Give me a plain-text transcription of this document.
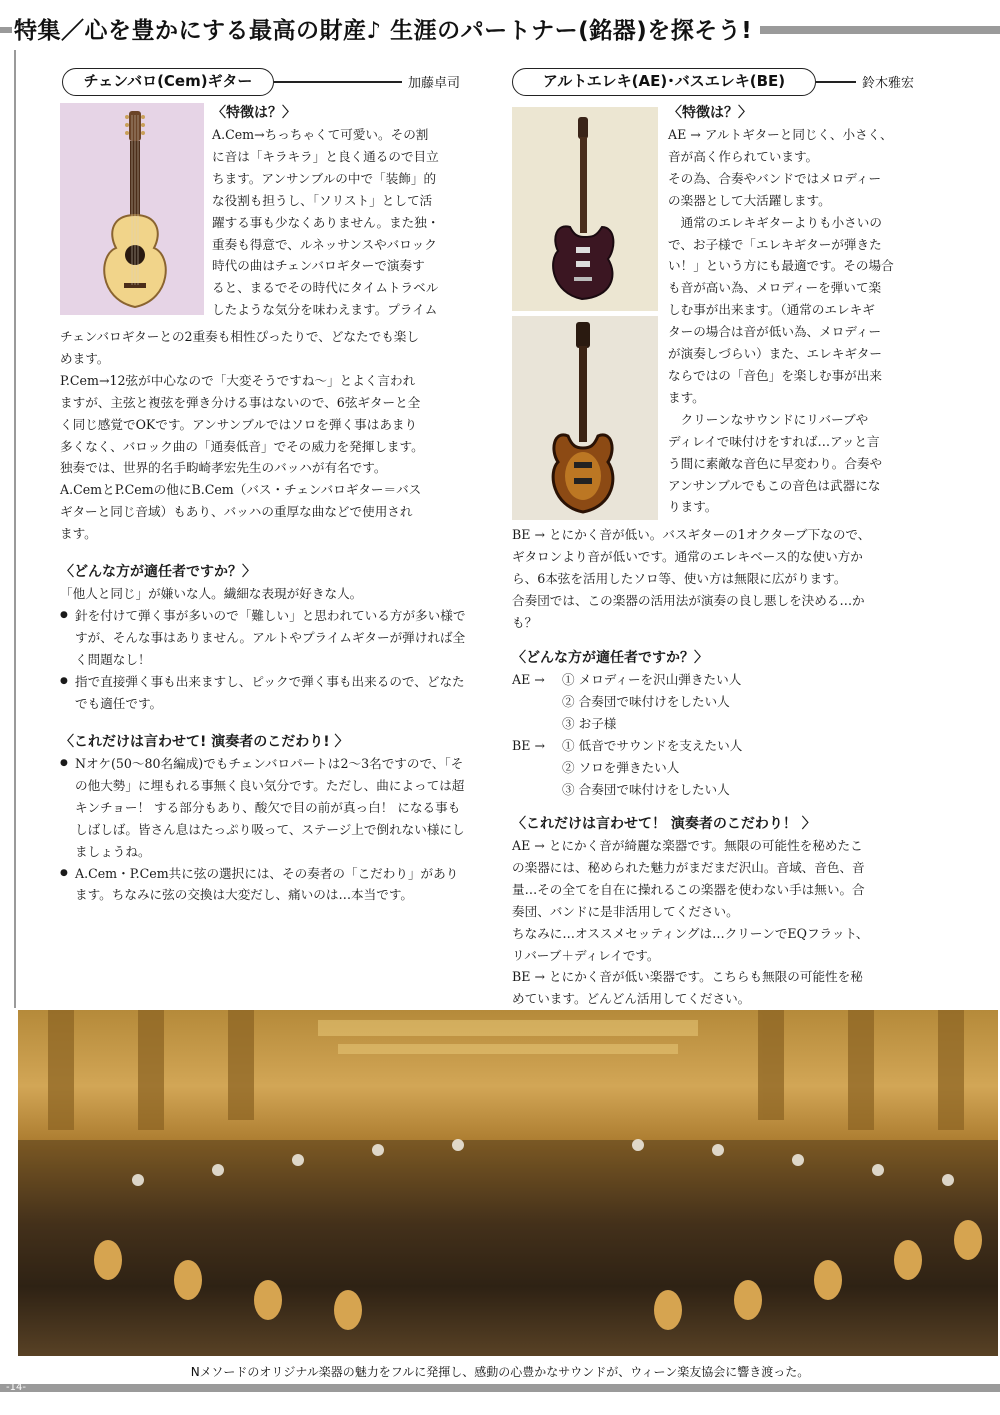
特集／心を豊かにする最高の財産♪ 生涯のパートナー(銘器)を探そう!
チェンバロ(Cem)ギター	加藤卓司

〈特徴は？〉

A.Cem→ちっちゃくて可愛い。その割

に音は「キラキラ」と良く通るので目立

ちます。アンサンブルの中で「装飾」的

な役割も担うし、「ソリスト」として活

躍する事も少なくありません。また独・

重奏も得意で、ルネッサンスやバロック

時代の曲はチェンバロギターで演奏す

ると、まるでその時代にタイムトラベル

したような気分を味わえます。プライム

チェンバロギターとの2重奏も相性ぴったりで、どなたでも楽し

めます。

P.Cem→12弦が中心なので「大変そうですね～」とよく言われ

ますが、主弦と複弦を弾き分ける事はないので、6弦ギターと全

く同じ感覚でOKです。アンサンブルではソロを弾く事はあまり

多くなく、バロック曲の「通奏低音」でその威力を発揮します。

独奏では、世界的名手畇崎孝宏先生のバッハが有名です。

A.CemとP.Cemの他にB.Cem（バス・チェンバロギター＝バス

ギターと同じ音域）もあり、バッハの重厚な曲などで使用され

ます。

〈どんな方が適任者ですか？〉

「他人と同じ」が嫌いな人。繊細な表現が好きな人。

● 針を付けて弾く事が多いので「難しい」と思われている方が多い様ですが、そんな事はありません。アルトやプライムギターが弾ければ全く問題なし！

● 指で直接弾く事も出来ますし、ピックで弾く事も出来るので、どなたでも適任です。

〈これだけは言わせて! 演奏者のこだわり! 〉

● Nオケ(50〜80名編成)でもチェンバロパートは2〜3名ですので、「その他大勢」に埋もれる事無く良い気分です。ただし、曲によっては超キンチョー！ する部分もあり、酸欠で目の前が真っ白！ になる事もしばしば。皆さん息はたっぷり吸って、ステージ上で倒れない様にしましょうね。

● A.Cem・P.Cem共に弦の選択には、その奏者の「こだわり」があります。ちなみに弦の交換は大変だし、痛いのは…本当です。

アルトエレキ(AE)･バスエレキ(BE)	鈴木雅宏

〈特徴は？〉

AE → アルトギターと同じく、小さく、

音が高く作られています。

その為、合奏やバンドではメロディー

の楽器として大活躍します。

　通常のエレキギターよりも小さいの

で、お子様で「エレキギターが弾きた

い！」という方にも最適です。その場合

も音が高い為、メロディーを弾いて楽

しむ事が出来ます。（通常のエレキギ

ターの場合は音が低い為、メロディー

が演奏しづらい）また、エレキギター

ならではの「音色」を楽しむ事が出来

ます。

　クリーンなサウンドにリバーブや

ディレイで味付けをすれば…アッと言

う間に素敵な音色に早変わり。合奏や

アンサンブルでもこの音色は武器にな

ります。

BE → とにかく音が低い。バスギターの1オクターブ下なので、

ギタロンより音が低いです。通常のエレキベース的な使い方か

ら、6本弦を活用したソロ等、使い方は無限に広がります。

合奏団では、この楽器の活用法が演奏の良し悪しを決める…か

も？

〈どんな方が適任者ですか？〉

AE →	① メロディーを沢山弾きたい人
② 合奏団で味付けをしたい人
③ お子様
BE →	① 低音でサウンドを支えたい人
② ソロを弾きたい人
③ 合奏団で味付けをしたい人

〈これだけは言わせて！ 演奏者のこだわり！ 〉

AE → とにかく音が綺麗な楽器です。無限の可能性を秘めたこ

の楽器には、秘められた魅力がまだまだ沢山。音域、音色、音

量…その全てを自在に操れるこの楽器を使わない手は無い。合

奏団、バンドに是非活用してください。

ちなみに…オススメセッティングは…クリーンでEQフラット、

リバーブ＋ディレイです。

BE → とにかく音が低い楽器です。こちらも無限の可能性を秘

めています。どんどん活用してください。

Nメソードのオリジナル楽器の魅力をフルに発揮し、感動の心豊かなサウンドが、ウィーン楽友協会に響き渡った。
-14-
